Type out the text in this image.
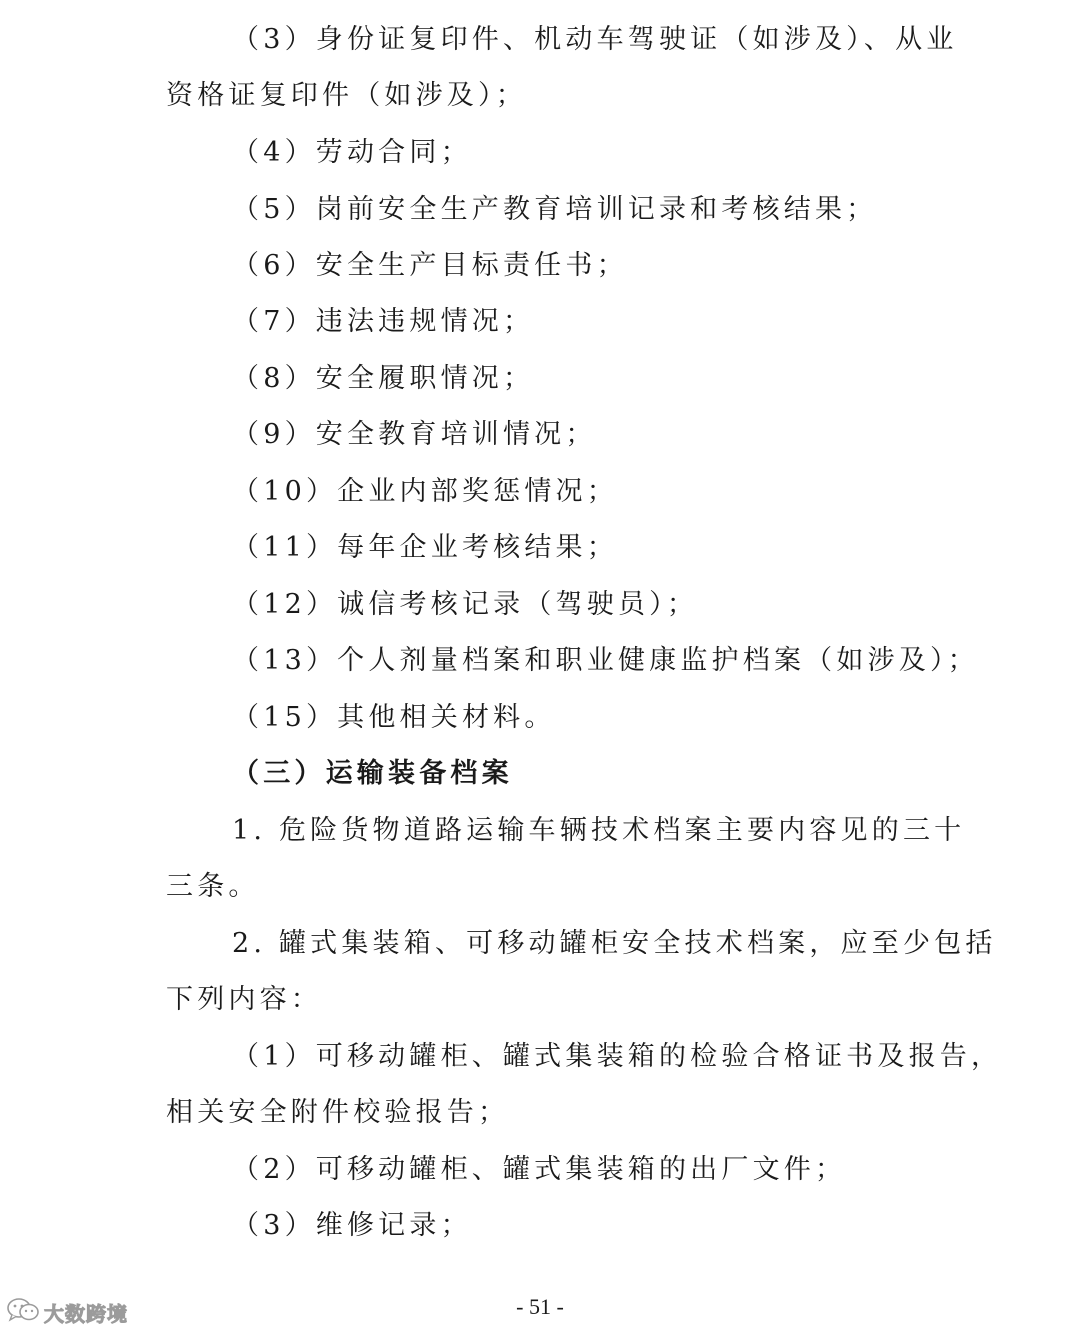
（3）身份证复印件、机动车驾驶证（如涉及）、从业
资格证复印件（如涉及）；
（4）劳动合同；
（5）岗前安全生产教育培训记录和考核结果；
（6）安全生产目标责任书；
（7）违法违规情况；
（8）安全履职情况；
（9）安全教育培训情况；
（10）企业内部奖惩情况；
（11）每年企业考核结果；
（12）诚信考核记录（驾驶员）；
（13）个人剂量档案和职业健康监护档案（如涉及）；
（15）其他相关材料。
（三）运输装备档案
1. 危险货物道路运输车辆技术档案主要内容见的三十
三条。
2. 罐式集装箱、可移动罐柜安全技术档案，应至少包括
下列内容：
（1）可移动罐柜、罐式集装箱的检验合格证书及报告，
相关安全附件校验报告；
（2）可移动罐柜、罐式集装箱的出厂文件；
（3）维修记录；
- 51 -
大数跨境
